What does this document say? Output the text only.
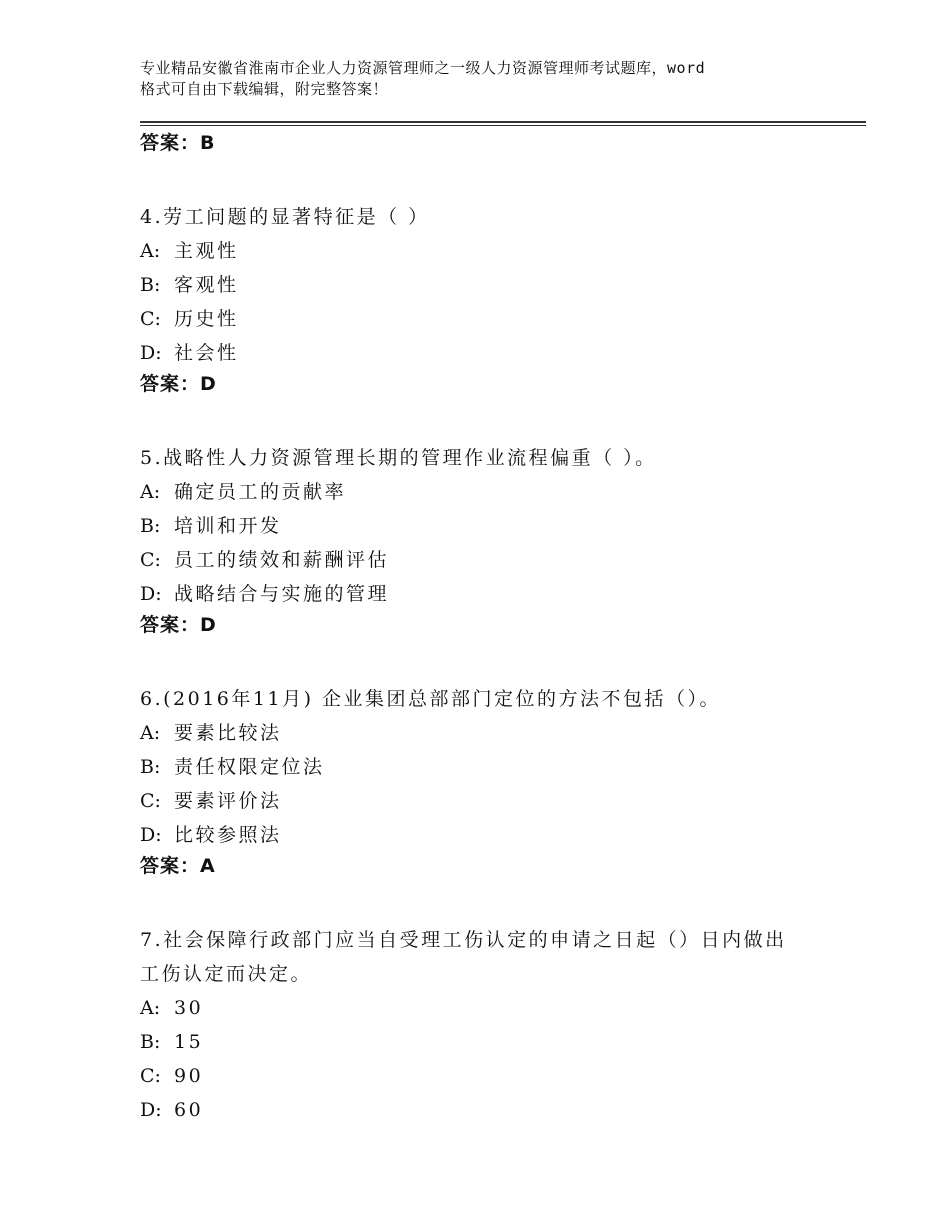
专业精品安徽省淮南市企业人力资源管理师之一级人力资源管理师考试题库，word
格式可自由下载编辑，附完整答案！
答案：B
4.劳工问题的显著特征是（ ）
A: 主观性
B: 客观性
C: 历史性
D: 社会性
答案：D
5.战略性人力资源管理长期的管理作业流程偏重（ ）。
A: 确定员工的贡献率
B: 培训和开发
C: 员工的绩效和薪酬评估
D: 战略结合与实施的管理
答案：D
6.(2016年11月) 企业集团总部部门定位的方法不包括（）。
A: 要素比较法
B: 责任权限定位法
C: 要素评价法
D: 比较参照法
答案：A
7.社会保障行政部门应当自受理工伤认定的申请之日起（）日内做出
工伤认定而决定。
A: 30
B: 15
C: 90
D: 60
